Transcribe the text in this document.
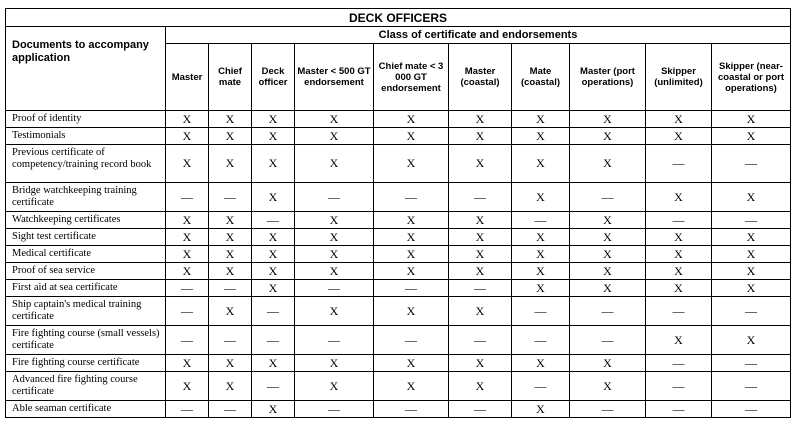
DECK OFFICERS										
Documents to accompany application	Class of certificate and endorsements									
	Master	Chief mate	Deck officer	Master < 500 GT endorsement	Chief mate < 3 000 GT endorsement	Master (coastal)	Mate (coastal)	Master (port operations)	Skipper (unlimited)	Skipper (near-coastal or port operations)
Proof of identity	X	X	X	X	X	X	X	X	X	X
Testimonials	X	X	X	X	X	X	X	X	X	X
Previous certificate of competency/training record book	X	X	X	X	X	X	X	X	—	—
Bridge watchkeeping training certificate	—	—	X	—	—	—	X	—	X	X
Watchkeeping certificates	X	X	—	X	X	X	—	X	—	—
Sight test certificate	X	X	X	X	X	X	X	X	X	X
Medical certificate	X	X	X	X	X	X	X	X	X	X
Proof of sea service	X	X	X	X	X	X	X	X	X	X
First aid at sea certificate	—	—	X	—	—	—	X	X	X	X
Ship captain's medical training certificate	—	X	—	X	X	X	—	—	—	—
Fire fighting course (small vessels) certificate	—	—	—	—	—	—	—	—	X	X
Fire fighting course certificate	X	X	X	X	X	X	X	X	—	—
Advanced fire fighting course certificate	X	X	—	X	X	X	—	X	—	—
Able seaman certificate	—	—	X	—	—	—	X	—	—	—
